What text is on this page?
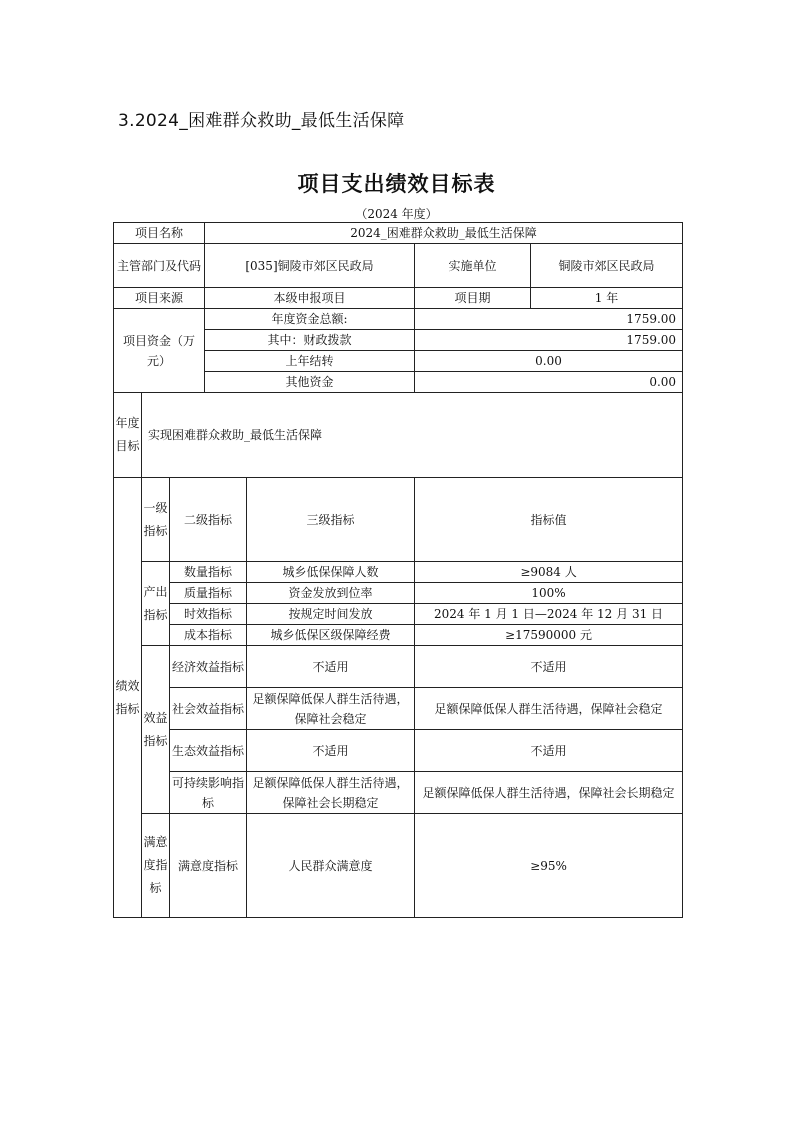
3.2024_困难群众救助_最低生活保障
项目支出绩效目标表
（2024 年度）
项目名称			2024_困难群众救助_最低生活保障			
主管部门及代码			[035]铜陵市郊区民政局		实施单位	铜陵市郊区民政局
项目来源			本级申报项目		项目期	1 年
项目资金（万元）			年度资金总额:		1759.00	
			其中：财政拨款		1759.00	
			上年结转		0.00	
			其他资金		0.00	
年度目标	实现困难群众救助_最低生活保障					
绩效指标	一级指标	二级指标		三级指标	指标值	
	产出指标	数量指标		城乡低保保障人数	≥9084 人	
		质量指标		资金发放到位率	100%	
		时效指标		按规定时间发放	2024 年 1 月 1 日—2024 年 12 月 31 日	
		成本指标		城乡低保区级保障经费	≥17590000 元	
	效益指标	经济效益指标		不适用	不适用	
		社会效益指标		足额保障低保人群生活待遇，保障社会稳定	足额保障低保人群生活待遇，保障社会稳定	
		生态效益指标		不适用	不适用	
		可持续影响指标		足额保障低保人群生活待遇，保障社会长期稳定	足额保障低保人群生活待遇，保障社会长期稳定	
	满意度指标	满意度指标		人民群众满意度	≥95%	
